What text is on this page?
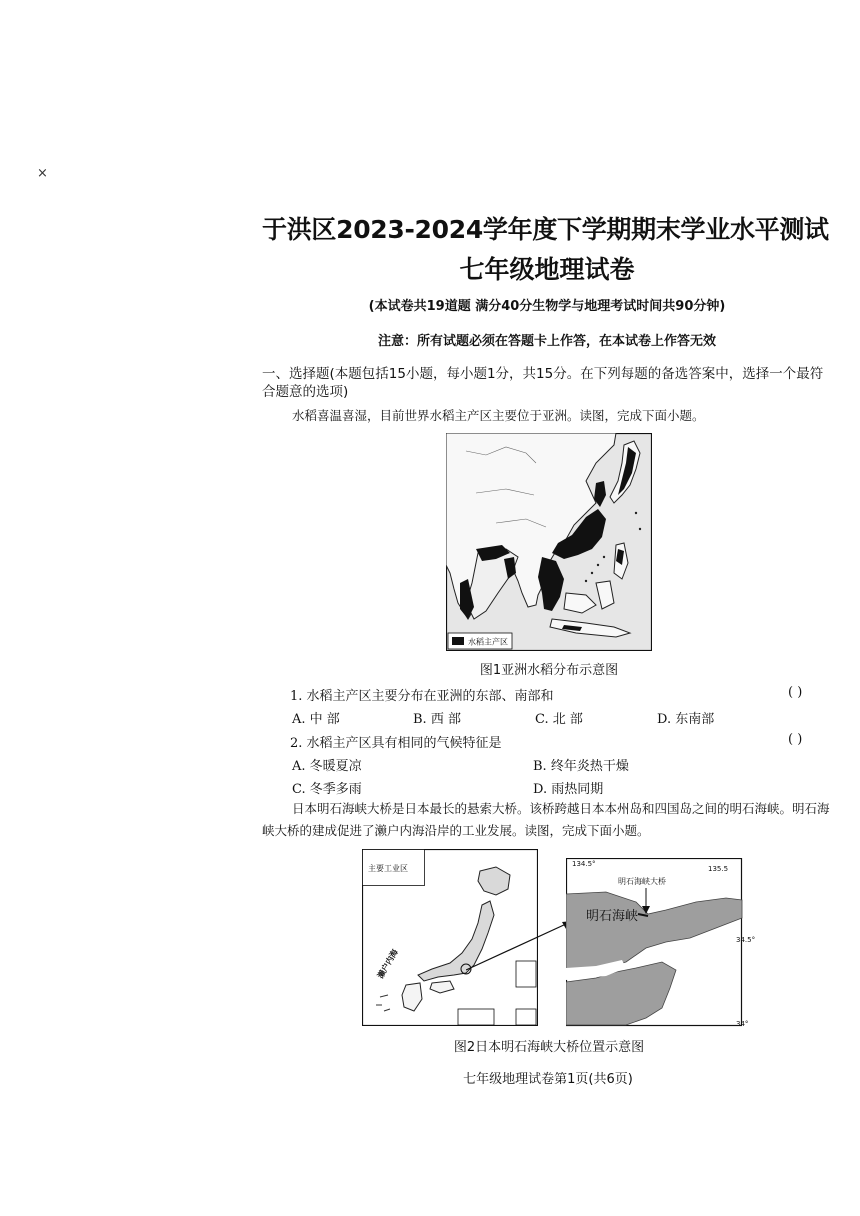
×
于洪区2023-2024学年度下学期期末学业水平测试
七年级地理试卷
(本试卷共19道题 满分40分生物学与地理考试时间共90分钟)
注意：所有试题必须在答题卡上作答，在本试卷上作答无效
一、选择题(本题包括15小题，每小题1分，共15分。在下列每题的备选答案中，选择一个最符合题意的选项)
水稻喜温喜湿，目前世界水稻主产区主要位于亚洲。读图，完成下面小题。
水稻主产区
图1亚洲水稻分布示意图
1. 水稻主产区主要分布在亚洲的东部、南部和	( )
A. 中 部	B. 西 部	C. 北 部	D. 东南部
2. 水稻主产区具有相同的气候特征是	( )
A. 冬暖夏凉	B. 终年炎热干燥
C. 冬季多雨	D. 雨热同期
日本明石海峡大桥是日本最长的悬索大桥。该桥跨越日本本州岛和四国岛之间的明石海峡。明石海峡大桥的建成促进了濑户内海沿岸的工业发展。读图，完成下面小题。
主要工业区
濑户内海
明石海峡
明石海峡大桥
134.5°
135.5
34.5°
34°
图2日本明石海峡大桥位置示意图
七年级地理试卷第1页(共6页)
